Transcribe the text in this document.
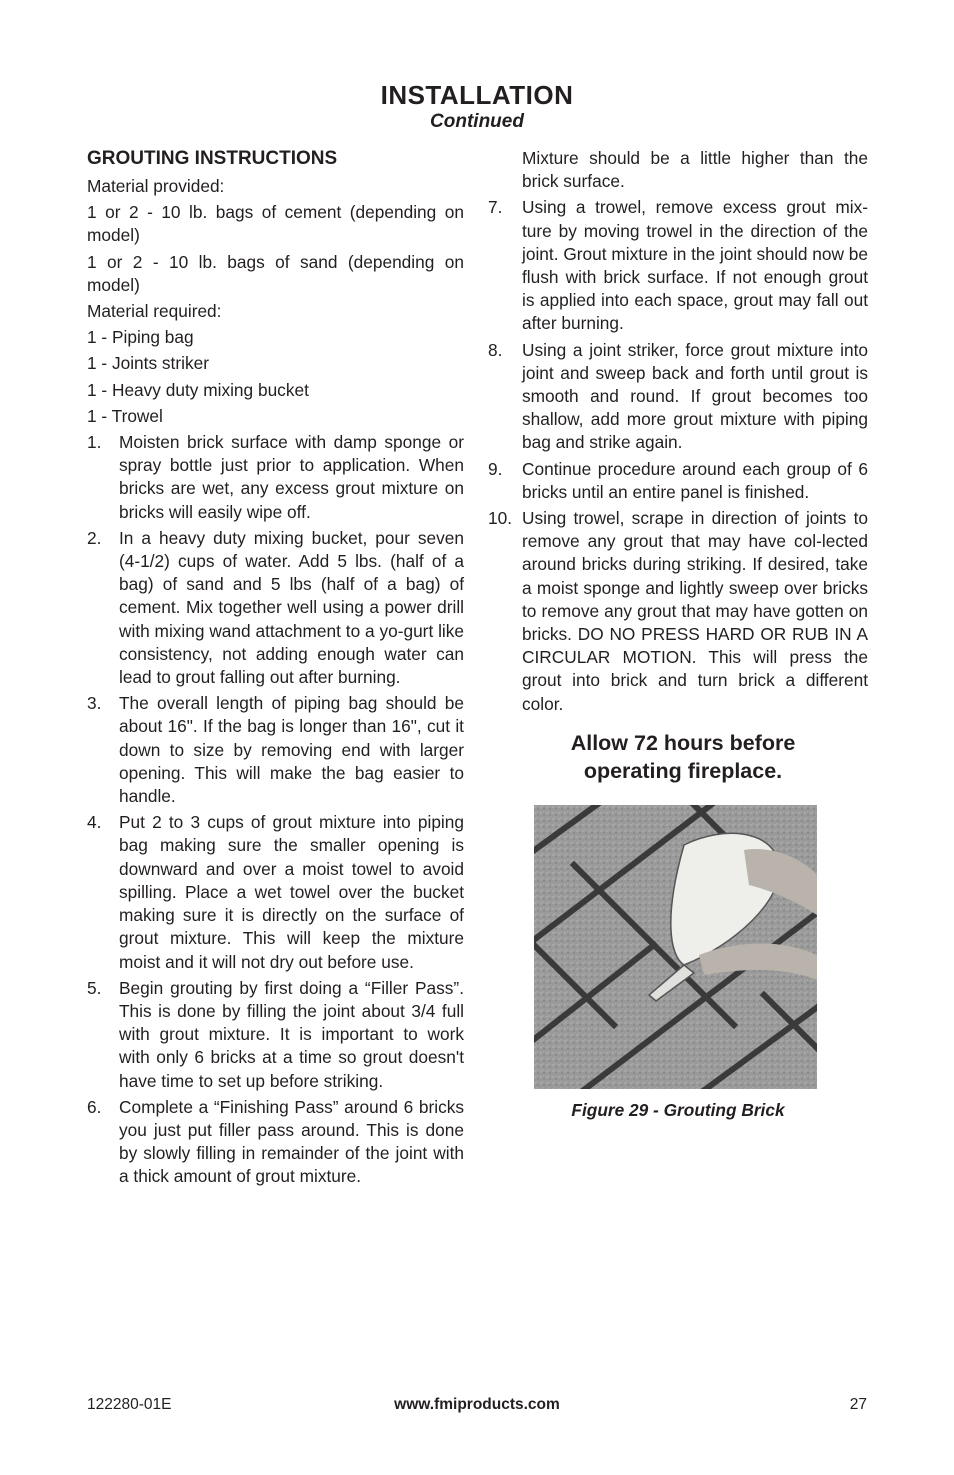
INSTALLATION
Continued
GROUTING INSTRUCTIONS
Material provided:
1 or 2 - 10 lb. bags of cement (depending on model)
1 or 2 - 10 lb. bags of sand (depending on model)
Material required:
1 - Piping bag
1 - Joints striker
1 - Heavy duty mixing bucket
1 - Trowel
1.	Moisten brick surface with damp sponge or spray bottle just prior to application. When bricks are wet, any excess grout mixture on bricks will easily wipe off.
2.	In a heavy duty mixing bucket, pour seven (4-1/2) cups of water. Add 5 lbs. (half of a bag) of sand and 5 lbs (half of a bag) of cement. Mix together well using a power drill with mixing wand attachment to a yo-gurt like consistency, not adding enough water can lead to grout falling out after burning.
3.	The overall length of piping bag should be about 16". If the bag is longer than 16", cut it down to size by removing end with larger opening. This will make the bag easier to handle.
4.	Put 2 to 3 cups of grout mixture into piping bag making sure the smaller opening is downward and over a moist towel to avoid spilling. Place a wet towel over the bucket making sure it is directly on the surface of grout mixture. This will keep the mixture moist and it will not dry out before use.
5.	Begin grouting by first doing a “Filler Pass”. This is done by filling the joint about 3/4 full with grout mixture. It is important to work with only 6 bricks at a time so grout doesn't have time to set up before striking.
6.	Complete a “Finishing Pass” around 6 bricks you just put filler pass around. This is done by slowly filling in remainder of the joint with a thick amount of grout mixture.
Mixture should be a little higher than the brick surface.
7.	Using a trowel, remove excess grout mix-ture by moving trowel in the direction of the joint. Grout mixture in the joint should now be flush with brick surface. If not enough grout is applied into each space, grout may fall out after burning.
8.	Using a joint striker, force grout mixture into joint and sweep back and forth until grout is smooth and round. If grout becomes too shallow, add more grout mixture with piping bag and strike again.
9.	Continue procedure around each group of 6 bricks until an entire panel is finished.
10. Using trowel, scrape in direction of joints to remove any grout that may have col-lected around bricks during striking. If desired, take a moist sponge and lightly sweep over bricks to remove any grout that may have gotten on bricks. DO NO PRESS HARD OR RUB IN A CIRCULAR MOTION. This will press the grout into brick and turn brick a different color.
Allow 72 hours before
operating fireplace.
Figure 29 - Grouting Brick
122280-01E	www.fmiproducts.com	27
